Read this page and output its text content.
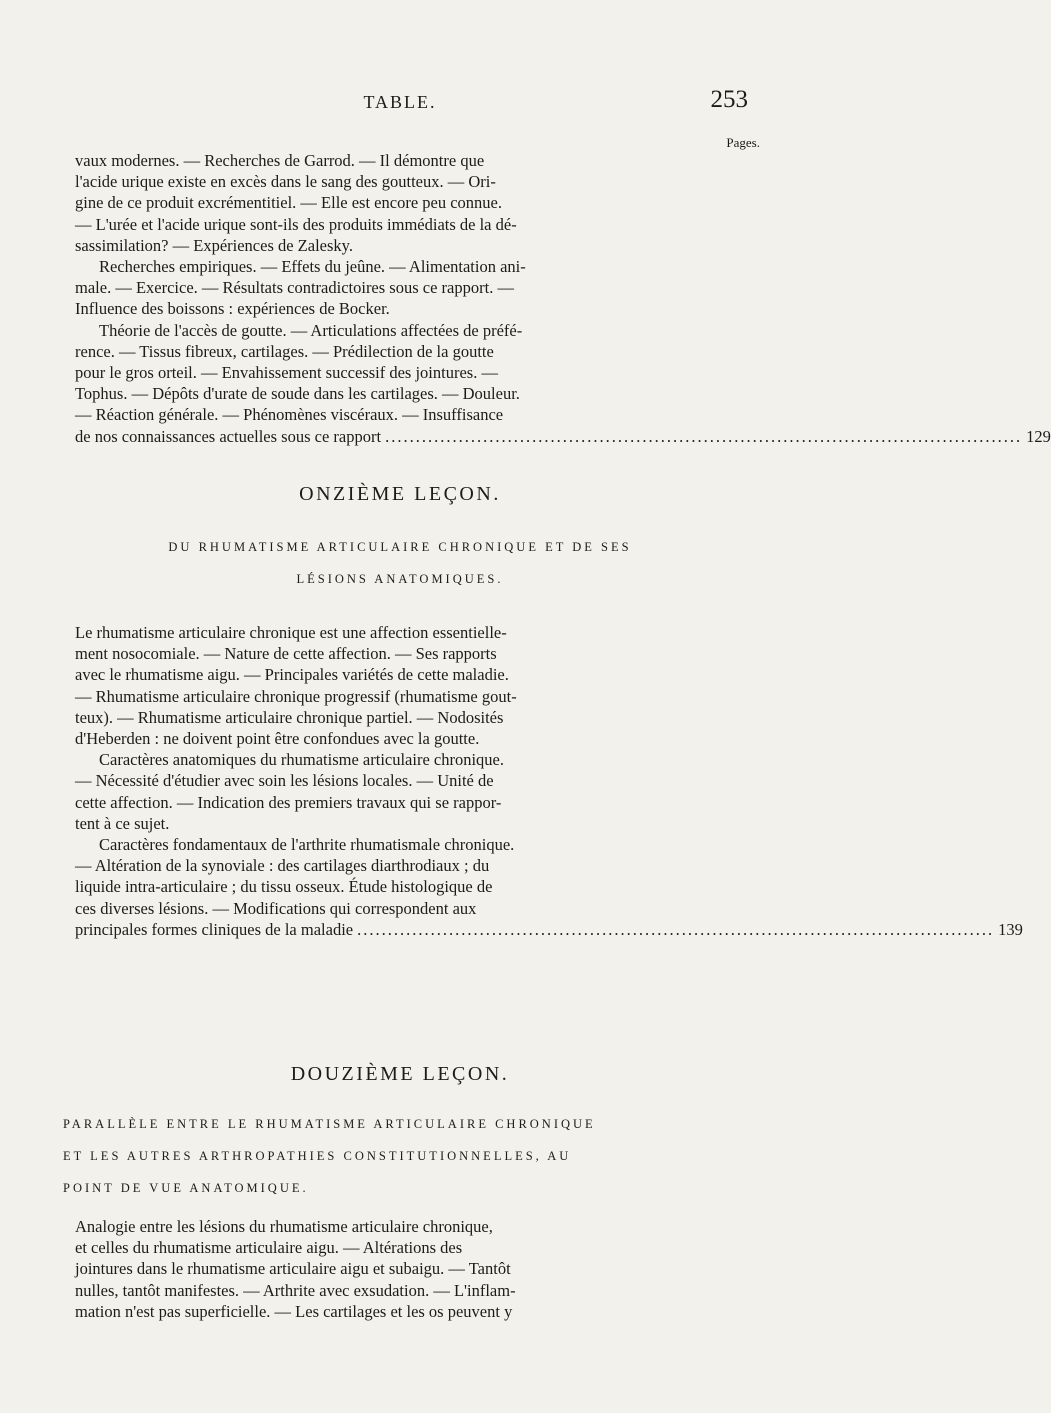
TABLE.	253
Pages.

vaux modernes. — Recherches de Garrod. — Il démontre que
l'acide urique existe en excès dans le sang des goutteux. — Ori-
gine de ce produit excrémentitiel. — Elle est encore peu connue.
— L'urée et l'acide urique sont-ils des produits immédiats de la dé-
sassimilation? — Expériences de Zalesky.
Recherches empiriques. — Effets du jeûne. — Alimentation ani-
male. — Exercice. — Résultats contradictoires sous ce rapport. —
Influence des boissons : expériences de Bocker.
Théorie de l'accès de goutte. — Articulations affectées de préfé-
rence. — Tissus fibreux, cartilages. — Prédilection de la goutte
pour le gros orteil. — Envahissement successif des jointures. —
Tophus. — Dépôts d'urate de soude dans les cartilages. — Douleur.
— Réaction générale. — Phénomènes viscéraux. — Insuffisance

de nos connaissances actuelles sous ce rapport ........................................................................................................ 129
ONZIÈME LEÇON.
DU RHUMATISME ARTICULAIRE CHRONIQUE ET DE SES
LÉSIONS ANATOMIQUES.

Le rhumatisme articulaire chronique est une affection essentielle-
ment nosocomiale. — Nature de cette affection. — Ses rapports
avec le rhumatisme aigu. — Principales variétés de cette maladie.
— Rhumatisme articulaire chronique progressif (rhumatisme gout-
teux). — Rhumatisme articulaire chronique partiel. — Nodosités
d'Heberden : ne doivent point être confondues avec la goutte.
Caractères anatomiques du rhumatisme articulaire chronique.
— Nécessité d'étudier avec soin les lésions locales. — Unité de
cette affection. — Indication des premiers travaux qui se rappor-
tent à ce sujet.
Caractères fondamentaux de l'arthrite rhumatismale chronique.
— Altération de la synoviale : des cartilages diarthrodiaux ; du
liquide intra-articulaire ; du tissu osseux. Étude histologique de
ces diverses lésions. — Modifications qui correspondent aux

principales formes cliniques de la maladie ........................................................................................................ 139
DOUZIÈME LEÇON.
PARALLÈLE ENTRE LE RHUMATISME ARTICULAIRE CHRONIQUE
ET LES AUTRES ARTHROPATHIES CONSTITUTIONNELLES, AU
POINT DE VUE ANATOMIQUE.

Analogie entre les lésions du rhumatisme articulaire chronique,
et celles du rhumatisme articulaire aigu. — Altérations des
jointures dans le rhumatisme articulaire aigu et subaigu. — Tantôt
nulles, tantôt manifestes. — Arthrite avec exsudation. — L'inflam-
mation n'est pas superficielle. — Les cartilages et les os peuvent y
